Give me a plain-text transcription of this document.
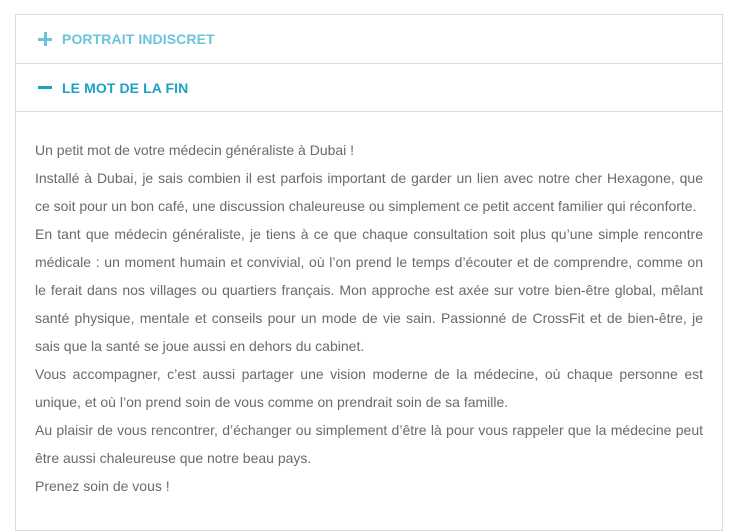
PORTRAIT INDISCRET
LE MOT DE LA FIN

Un petit mot de votre médecin généraliste à Dubai !

Installé à Dubai, je sais combien il est parfois important de garder un lien avec notre cher Hexagone, que ce soit pour un bon café, une discussion chaleureuse ou simplement ce petit accent familier qui réconforte.

En tant que médecin généraliste, je tiens à ce que chaque consultation soit plus qu’une simple rencontre médicale : un moment humain et convivial, où l’on prend le temps d’écouter et de comprendre, comme on le ferait dans nos villages ou quartiers français. Mon approche est axée sur votre bien-être global, mêlant santé physique, mentale et conseils pour un mode de vie sain. Passionné de CrossFit et de bien-être, je sais que la santé se joue aussi en dehors du cabinet.

Vous accompagner, c’est aussi partager une vision moderne de la médecine, où chaque personne est unique, et où l’on prend soin de vous comme on prendrait soin de sa famille.

Au plaisir de vous rencontrer, d’échanger ou simplement d’être là pour vous rappeler que la médecine peut être aussi chaleureuse que notre beau pays.

Prenez soin de vous !
